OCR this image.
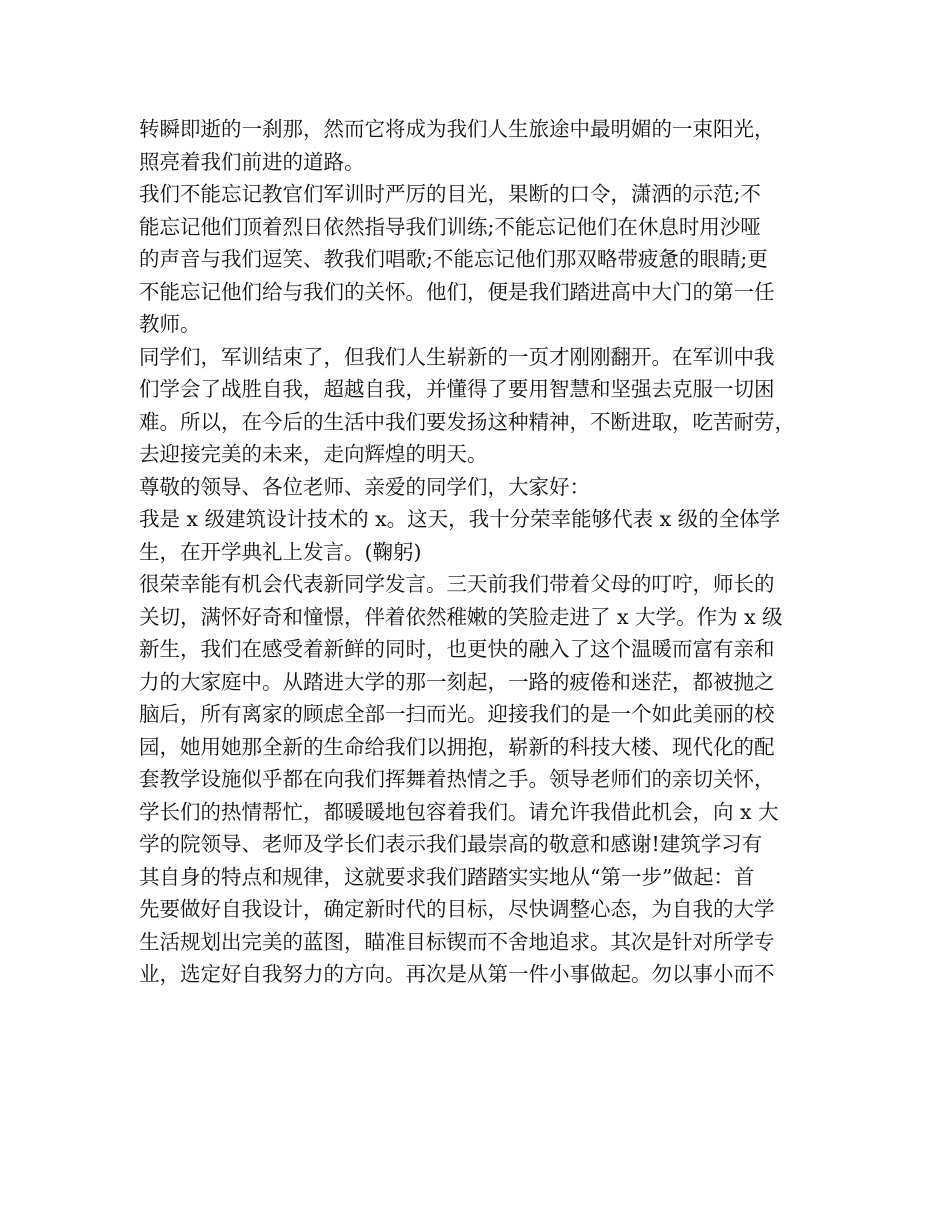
转瞬即逝的一刹那，然而它将成为我们人生旅途中最明媚的一束阳光，
照亮着我们前进的道路。
我们不能忘记教官们军训时严厉的目光，果断的口令，潇洒的示范;不
能忘记他们顶着烈日依然指导我们训练;不能忘记他们在休息时用沙哑
的声音与我们逗笑、教我们唱歌;不能忘记他们那双略带疲惫的眼睛;更
不能忘记他们给与我们的关怀。他们，便是我们踏进高中大门的第一任
教师。
同学们，军训结束了，但我们人生崭新的一页才刚刚翻开。在军训中我
们学会了战胜自我，超越自我，并懂得了要用智慧和坚强去克服一切困
难。所以，在今后的生活中我们要发扬这种精神，不断进取，吃苦耐劳，
去迎接完美的未来，走向辉煌的明天。
尊敬的领导、各位老师、亲爱的同学们，大家好：
我是 x 级建筑设计技术的 x。这天，我十分荣幸能够代表 x 级的全体学
生，在开学典礼上发言。(鞠躬)
很荣幸能有机会代表新同学发言。三天前我们带着父母的叮咛，师长的
关切，满怀好奇和憧憬，伴着依然稚嫩的笑脸走进了 x 大学。作为 x 级
新生，我们在感受着新鲜的同时，也更快的融入了这个温暖而富有亲和
力的大家庭中。从踏进大学的那一刻起，一路的疲倦和迷茫，都被抛之
脑后，所有离家的顾虑全部一扫而光。迎接我们的是一个如此美丽的校
园，她用她那全新的生命给我们以拥抱，崭新的科技大楼、现代化的配
套教学设施似乎都在向我们挥舞着热情之手。领导老师们的亲切关怀，
学长们的热情帮忙，都暖暖地包容着我们。请允许我借此机会，向 x 大
学的院领导、老师及学长们表示我们最崇高的敬意和感谢!建筑学习有
其自身的特点和规律，这就要求我们踏踏实实地从“第一步”做起：首
先要做好自我设计，确定新时代的目标，尽快调整心态，为自我的大学
生活规划出完美的蓝图，瞄准目标锲而不舍地追求。其次是针对所学专
业，选定好自我努力的方向。再次是从第一件小事做起。勿以事小而不
